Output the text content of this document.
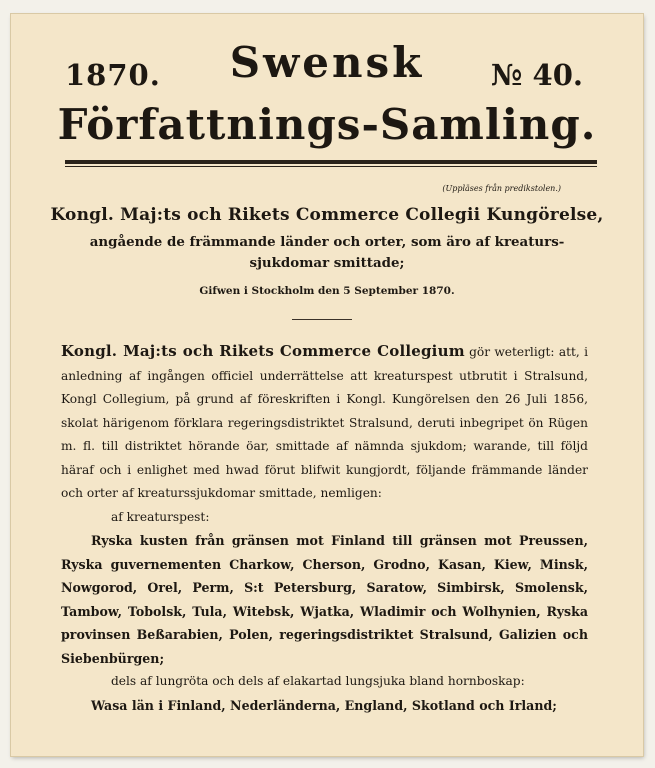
1870.	Swensk	№ 40.
Författnings-Samling.
(Uppläses från predikstolen.)
Kongl. Maj:ts och Rikets Commerce Collegii Kungörelse,
angående de främmande länder och orter, som äro af kreaturs-
sjukdomar smittade;
Gifwen i Stockholm den 5 September 1870.

Kongl. Maj:ts och Rikets Commerce Collegium gör weterligt: att, i anledning af ingången officiel underrättelse att kreaturspest utbrutit i Stralsund, Kongl Collegium, på grund af föreskriften i Kongl. Kungörelsen den 26 Juli 1856, skolat härigenom förklara regeringsdistriktet Stralsund, deruti inbegripet ön Rügen m. fl. till distriktet hörande öar, smittade af nämnda sjukdom; warande, till följd häraf och i enlighet med hwad förut blifwit kungjordt, följande främmande länder och orter af kreaturssjukdomar smittade, nemligen:

af kreaturspest:

Ryska kusten från gränsen mot Finland till gränsen mot Preussen, Ryska guvernementen Charkow, Cherson, Grodno, Kasan, Kiew, Minsk, Nowgorod, Orel, Perm, S:t Petersburg, Saratow, Simbirsk, Smolensk, Tambow, Tobolsk, Tula, Witebsk, Wjatka, Wladimir och Wolhynien, Ryska provinsen Beßarabien, Polen, regeringsdistriktet Stralsund, Galizien och Siebenbürgen;

dels af lungröta och dels af elakartad lungsjuka bland hornboskap:

Wasa län i Finland, Nederländerna, England, Skotland och Irland;
